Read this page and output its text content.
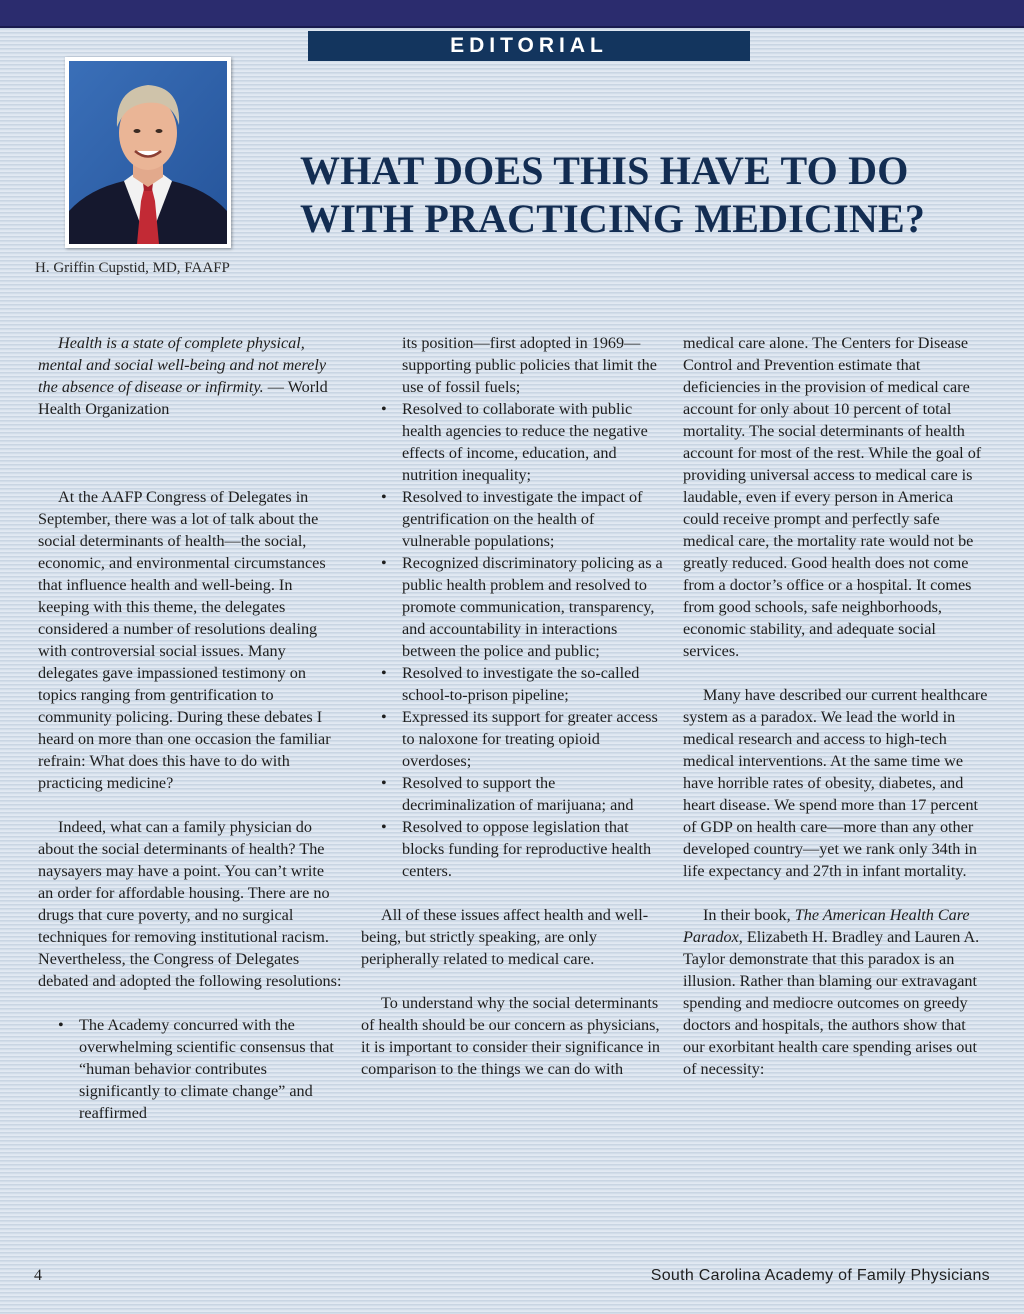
EDITORIAL
H. Griffin Cupstid, MD, FAAFP
WHAT DOES THIS HAVE TO DO WITH PRACTICING MEDICINE?

Health is a state of complete physical, mental and social well-being and not merely the absence of disease or infirmity. — World Health Organization

At the AAFP Congress of Delegates in September, there was a lot of talk about the social determinants of health—the social, economic, and environmental circumstances that influence health and well-being. In keeping with this theme, the delegates considered a number of resolutions dealing with controversial social issues. Many delegates gave impassioned testimony on topics ranging from gentrification to community policing. During these debates I heard on more than one occasion the familiar refrain: What does this have to do with practicing medicine?

Indeed, what can a family physician do about the social determinants of health? The naysayers may have a point. You can’t write an order for affordable housing. There are no drugs that cure poverty, and no surgical techniques for removing institutional racism. Nevertheless, the Congress of Delegates debated and adopted the following resolutions:

• The Academy concurred with the overwhelming scientific consensus that “human behavior contributes significantly to climate change” and reaffirmed
its position—first adopted in 1969—supporting public policies that limit the use of fossil fuels;
• Resolved to collaborate with public health agencies to reduce the negative effects of income, education, and nutrition inequality;
• Resolved to investigate the impact of gentrification on the health of vulnerable populations;
• Recognized discriminatory policing as a public health problem and resolved to promote communication, transparency, and accountability in interactions between the police and public;
• Resolved to investigate the so-called school-to-prison pipeline;
• Expressed its support for greater access to naloxone for treating opioid overdoses;
• Resolved to support the decriminalization of marijuana; and
• Resolved to oppose legislation that blocks funding for reproductive health centers.

All of these issues affect health and well-being, but strictly speaking, are only peripherally related to medical care.

To understand why the social determinants of health should be our concern as physicians, it is important to consider their significance in comparison to the things we can do with

medical care alone. The Centers for Disease Control and Prevention estimate that deficiencies in the provision of medical care account for only about 10 percent of total mortality. The social determinants of health account for most of the rest. While the goal of providing universal access to medical care is laudable, even if every person in America could receive prompt and perfectly safe medical care, the mortality rate would not be greatly reduced. Good health does not come from a doctor’s office or a hospital. It comes from good schools, safe neighborhoods, economic stability, and adequate social services.

Many have described our current healthcare system as a paradox. We lead the world in medical research and access to high-tech medical interventions. At the same time we have horrible rates of obesity, diabetes, and heart disease. We spend more than 17 percent of GDP on health care—more than any other developed country—yet we rank only 34th in life expectancy and 27th in infant mortality.

In their book, The American Health Care Paradox, Elizabeth H. Bradley and Lauren A. Taylor demonstrate that this paradox is an illusion. Rather than blaming our extravagant spending and mediocre outcomes on greedy doctors and hospitals, the authors show that our exorbitant health care spending arises out of necessity:

4	South Carolina Academy of Family Physicians
